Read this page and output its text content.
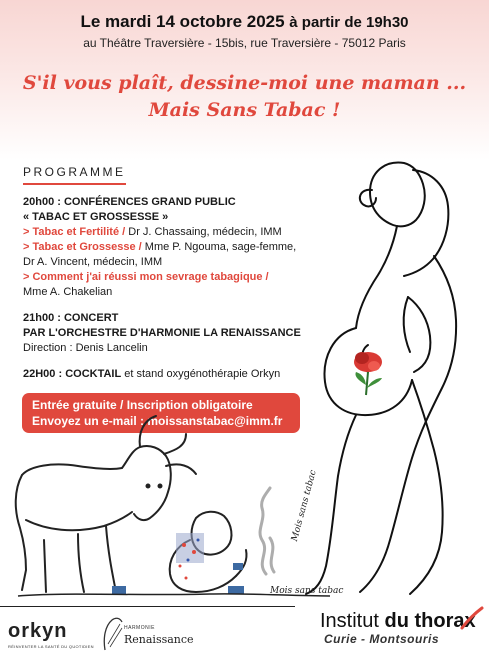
Le mardi 14 octobre 2025 à partir de 19h30
au Théâtre Traversière - 15bis, rue Traversière - 75012 Paris
S'il vous plaît, dessine-moi une maman ...
Mais Sans Tabac !
PROGRAMME
20h00 : CONFÉRENCES GRAND PUBLIC
« TABAC ET GROSSESSE »
> Tabac et Fertilité / Dr J. Chassaing, médecin, IMM
> Tabac et Grossesse / Mme P. Ngouma, sage-femme,
Dr A. Vincent, médecin, IMM
> Comment j'ai réussi mon sevrage tabagique /
Mme A. Chakelian
21h00 : CONCERT
PAR L'ORCHESTRE D'HARMONIE LA RENAISSANCE
Direction : Denis Lancelin
22H00 : COCKTAIL et stand oxygénothérapie Orkyn
Entrée gratuite / Inscription obligatoire
Envoyez un e-mail : moissanstabac@imm.fr
Mois sans tabac
Mois sans tabac
orkyn
RÉINVENTER LA SANTÉ DU QUOTIDIEN
HARMONIE
Renaissance
Institut du thorax
Curie - Montsouris
